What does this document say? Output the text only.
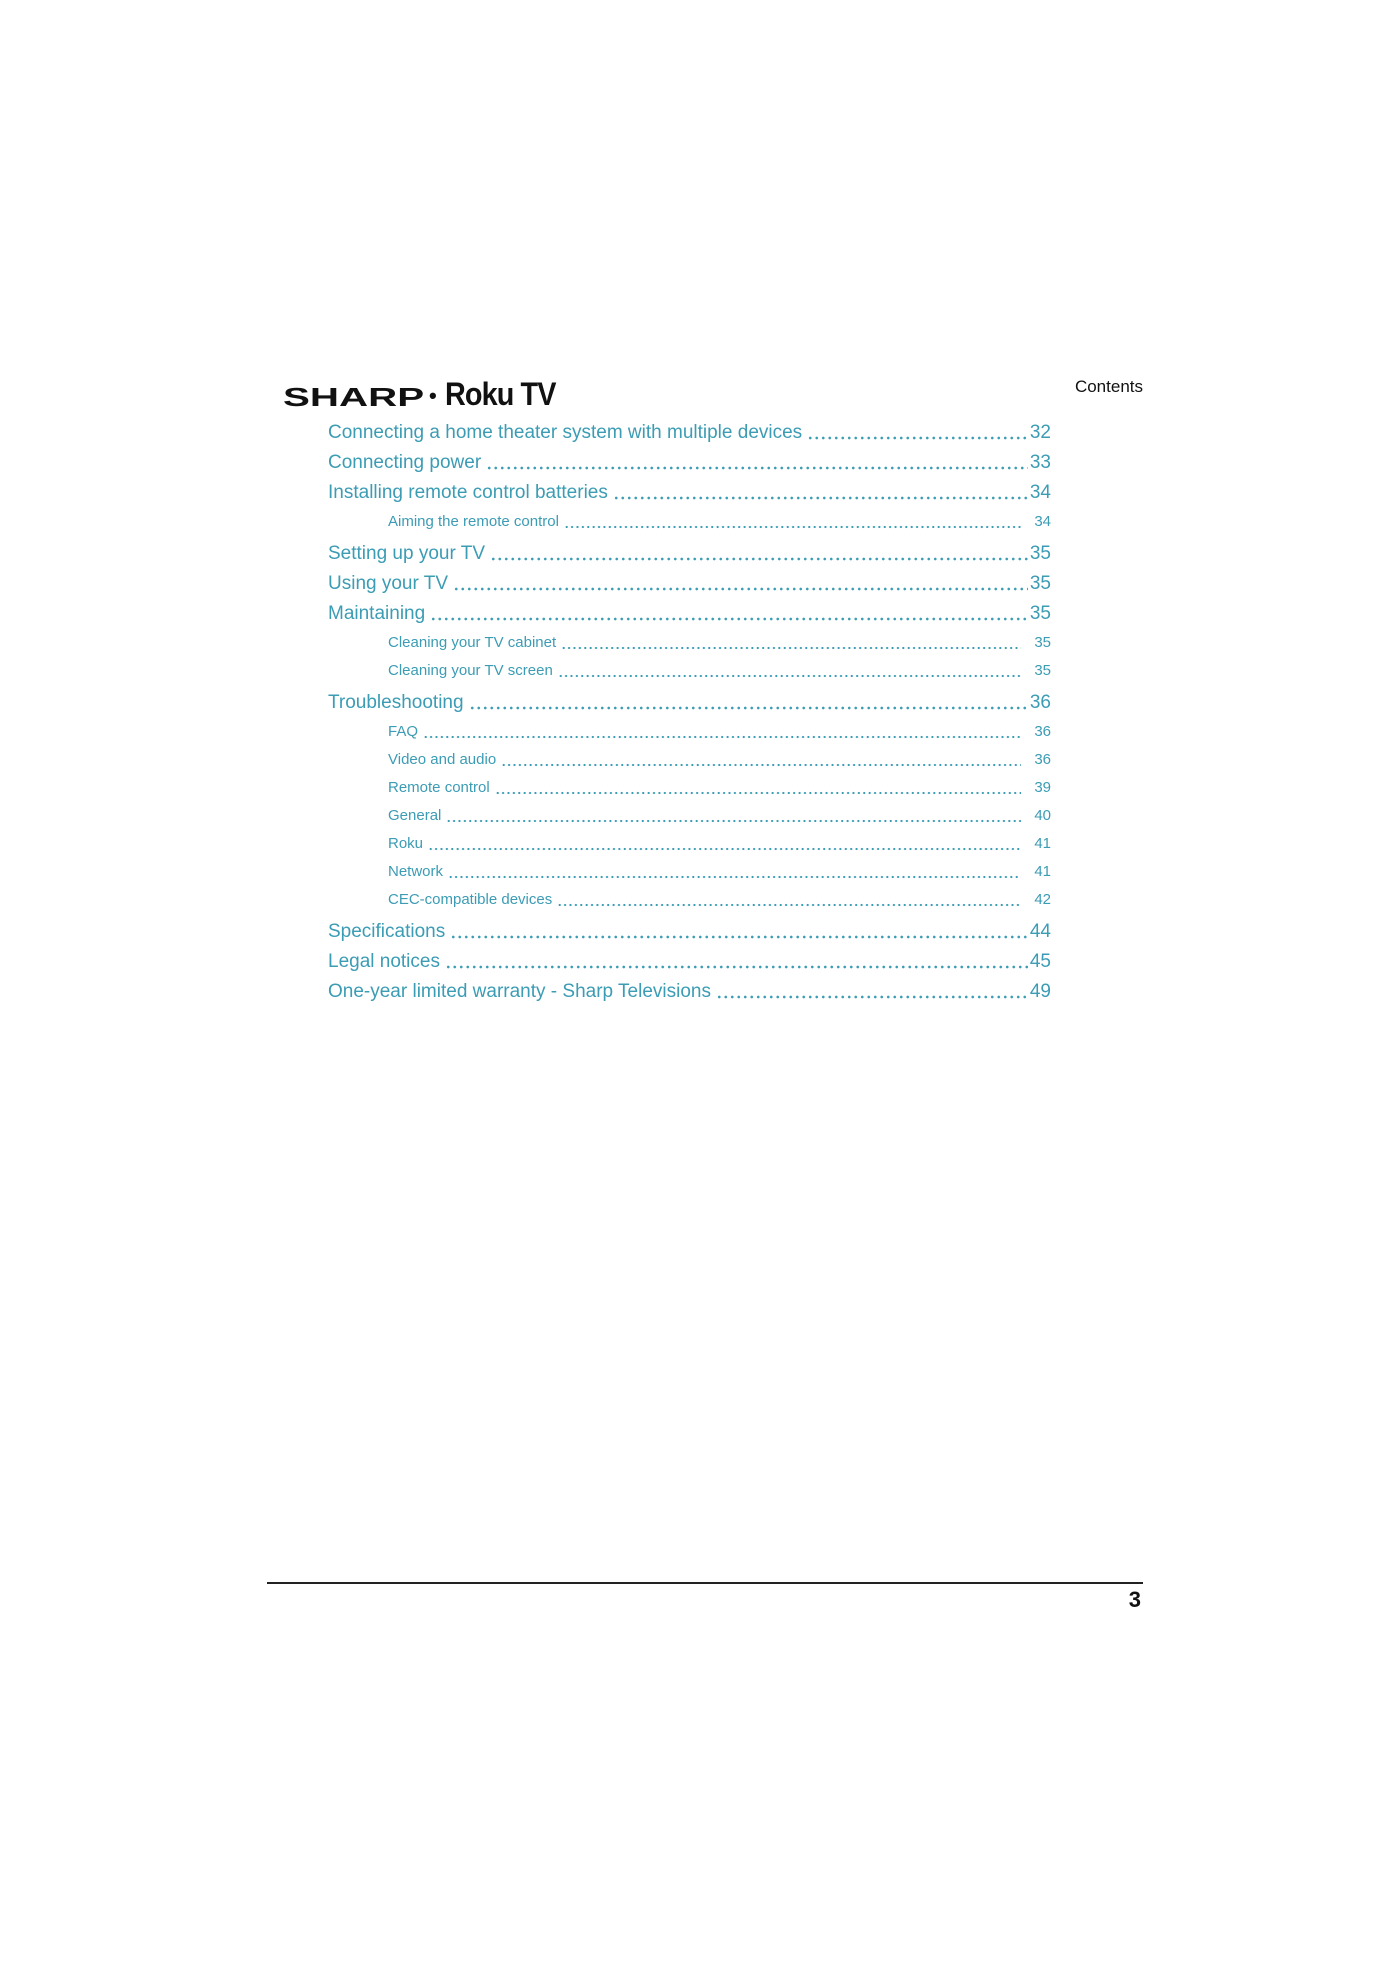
SHARP • Roku TV	Contents
Connecting a home theater system with multiple devices	32
Connecting power	33
Installing remote control batteries	34
Aiming the remote control	34
Setting up your TV	35
Using your TV	35
Maintaining	35
Cleaning your TV cabinet	35
Cleaning your TV screen	35
Troubleshooting	36
FAQ	36
Video and audio	36
Remote control	39
General	40
Roku	41
Network	41
CEC-compatible devices	42
Specifications	44
Legal notices	45
One-year limited warranty - Sharp Televisions	49
3
